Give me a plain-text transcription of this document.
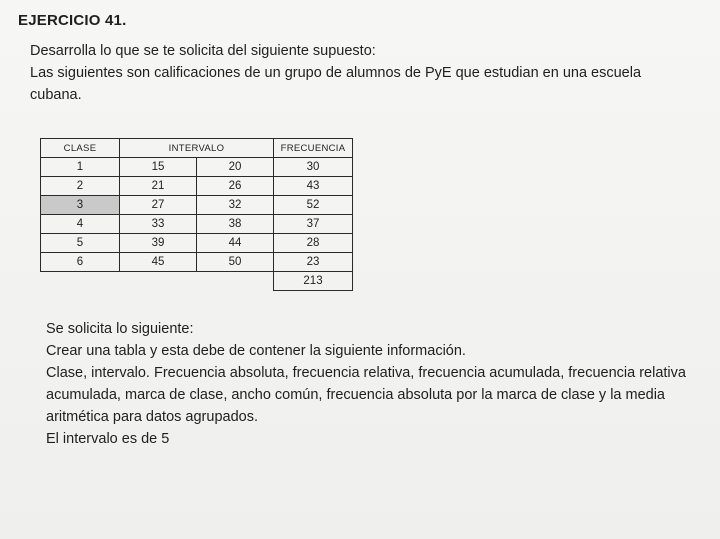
EJERCICIO 41.

Desarrolla lo que se te solicita del siguiente supuesto:

Las siguientes son calificaciones de un grupo de alumnos de PyE que estudian en una escuela cubana.

CLASE	INTERVALO		FRECUENCIA
1	15	20	30
2	21	26	43
3	27	32	52
4	33	38	37
5	39	44	28
6	45	50	23
			213

Se solicita lo siguiente:

Crear una tabla y esta debe de contener la siguiente información.

Clase, intervalo. Frecuencia absoluta, frecuencia relativa, frecuencia acumulada, frecuencia relativa acumulada, marca de clase, ancho común, frecuencia absoluta por la marca de clase y la media aritmética para datos agrupados.

El intervalo es de 5
